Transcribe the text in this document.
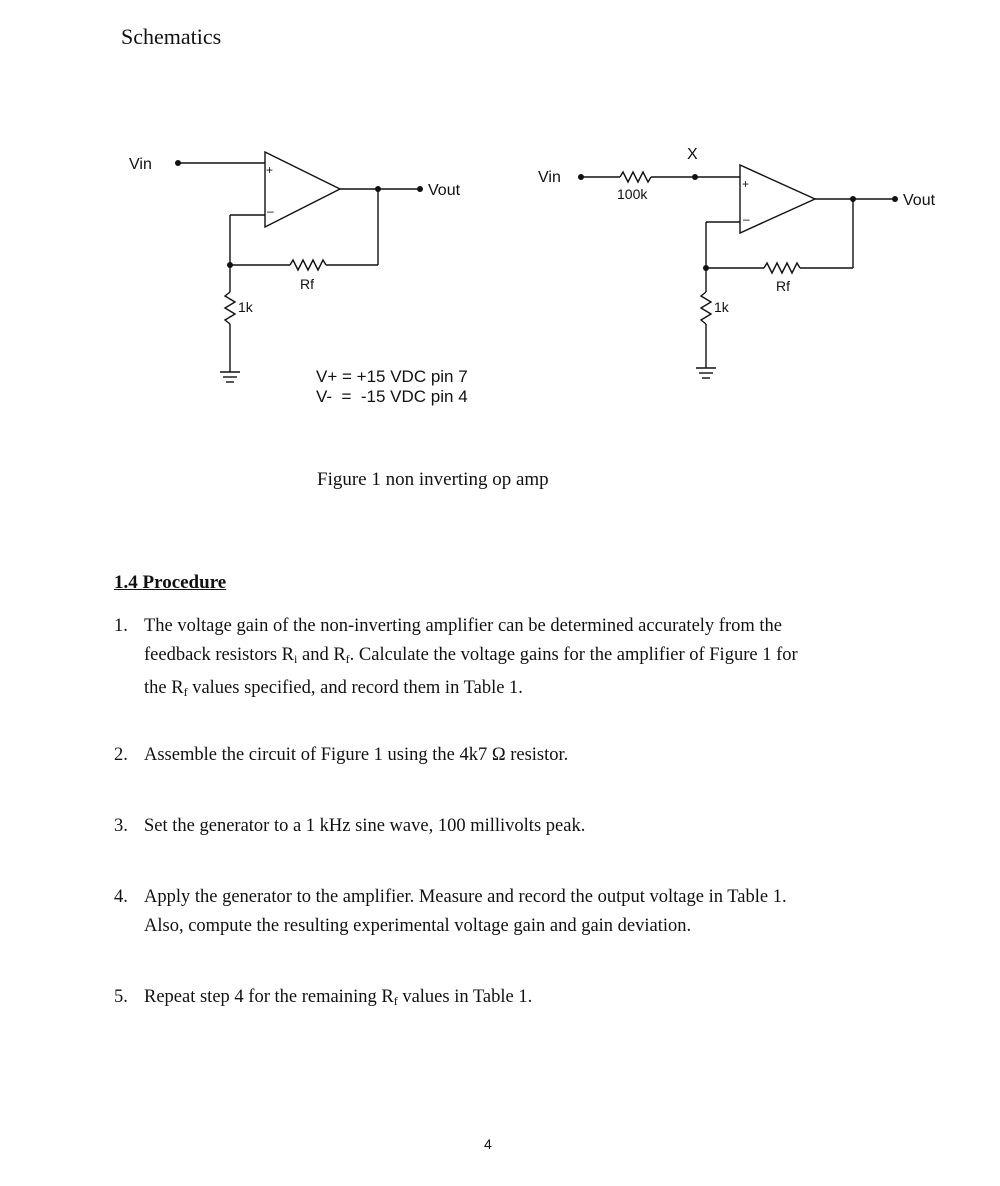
Schematics
Vin
Vout
Rf
1k
+
–
Vin
Vout
100k
X
Rf
1k
+
–
V+ = +15 VDC pin 7
V-  =  -15 VDC pin 4
Figure 1 non inverting op amp
1.4 Procedure
1. The voltage gain of the non-inverting amplifier can be determined accurately from the
feedback resistors $R_i$ and $R_f$. Calculate the voltage gains for the amplifier of Figure 1 for
the $R_f$ values specified, and record them in Table 1.
2. Assemble the circuit of Figure 1 using the 4k7 Ω resistor.
3. Set the generator to a 1 kHz sine wave, 100 millivolts peak.
4. Apply the generator to the amplifier. Measure and record the output voltage in Table 1.
Also, compute the resulting experimental voltage gain and gain deviation.
5. Repeat step 4 for the remaining $R_f$ values in Table 1.
4
